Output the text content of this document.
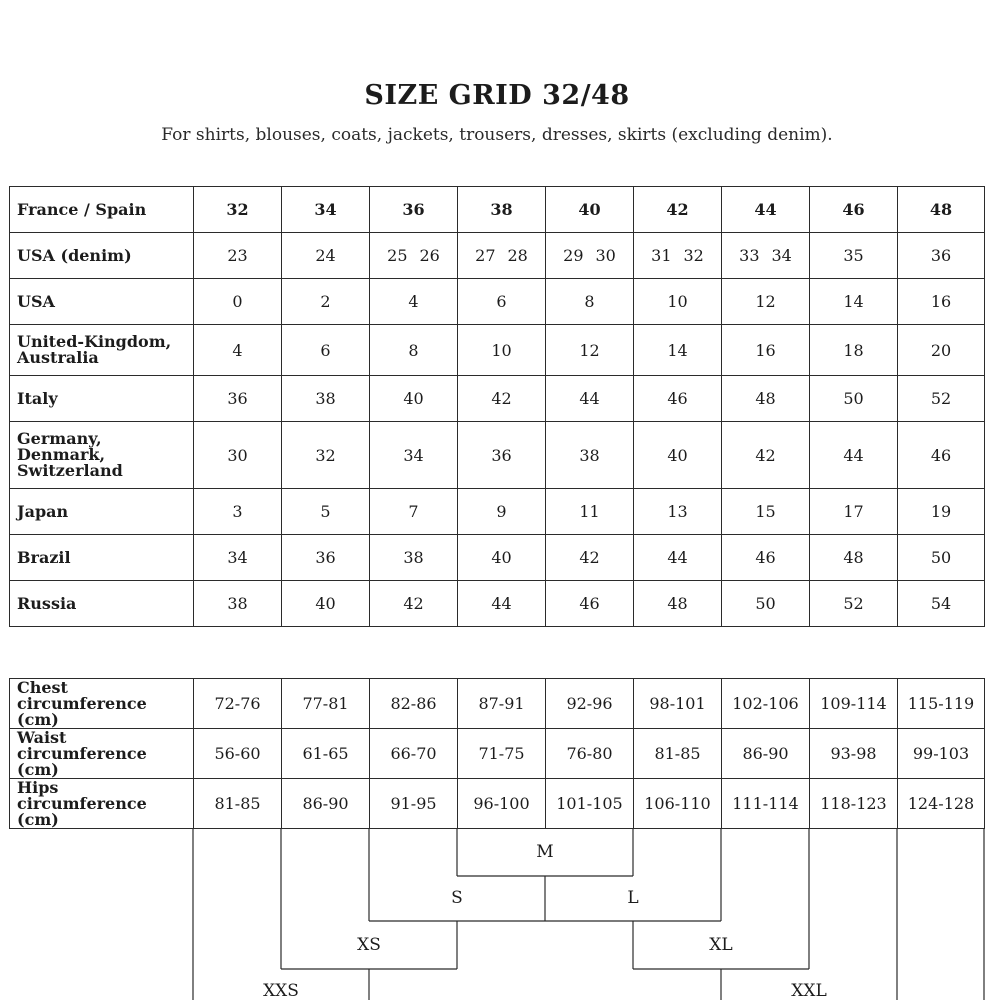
SIZE GRID 32/48
For shirts, blouses, coats, jackets, trousers, dresses, skirts (excluding denim).
France / Spain	32	34	36	38	40	42	44	46	48
USA (denim)	23	24	25 26	27 28	29 30	31 32	33 34	35	36
USA	0	2	4	6	8	10	12	14	16
United-Kingdom, Australia	4	6	8	10	12	14	16	18	20
Italy	36	38	40	42	44	46	48	50	52
Germany, Denmark, Switzerland	30	32	34	36	38	40	42	44	46
Japan	3	5	7	9	11	13	15	17	19
Brazil	34	36	38	40	42	44	46	48	50
Russia	38	40	42	44	46	48	50	52	54
Chest circumference (cm)	72-76	77-81	82-86	87-91	92-96	98-101	102-106	109-114	115-119
Waist circumference (cm)	56-60	61-65	66-70	71-75	76-80	81-85	86-90	93-98	99-103
Hips circumference (cm)	81-85	86-90	91-95	96-100	101-105	106-110	111-114	118-123	124-128
M
S	L
XS	XL
XXS	XXL
